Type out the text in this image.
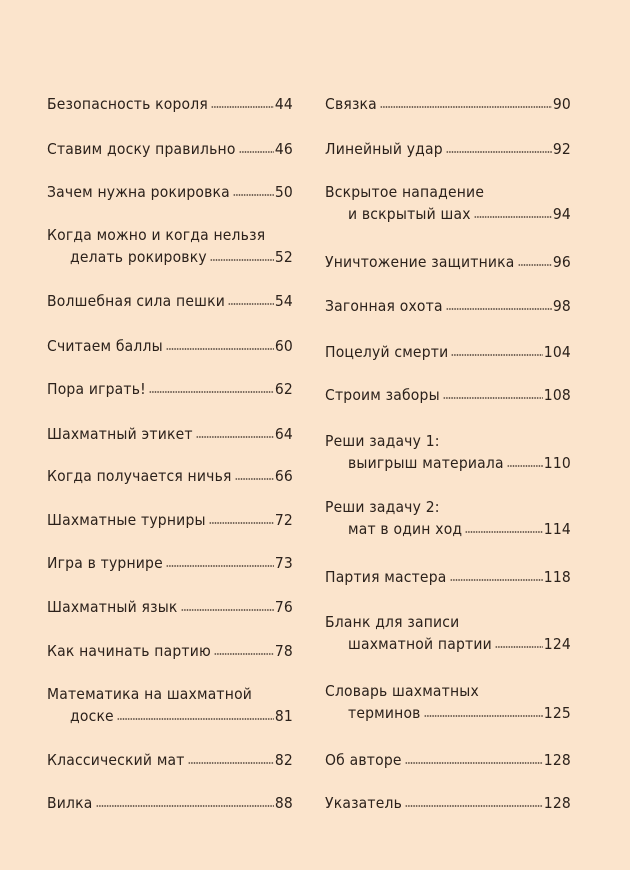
Безопасность короля	44
Ставим доску правильно	46
Зачем нужна рокировка	50
Когда можно и когда нельзя
делать рокировку	52
Волшебная сила пешки	54
Считаем баллы	60
Пора играть!	62
Шахматный этикет	64
Когда получается ничья	66
Шахматные турниры	72
Игра в турнире	73
Шахматный язык	76
Как начинать партию	78
Математика на шахматной
доске	81
Классический мат	82
Вилка	88
Связка	90
Линейный удар	92
Вскрытое нападение
и вскрытый шах	94
Уничтожение защитника 96
Загонная охота	98
Поцелуй смерти	104
Строим заборы	108
Реши задачу 1:
выигрыш материала	110
Реши задачу 2:
мат в один ход	114
Партия мастера	118
Бланк для записи
шахматной партии	124
Словарь шахматных
терминов	125
Об авторе	128
Указатель	128
